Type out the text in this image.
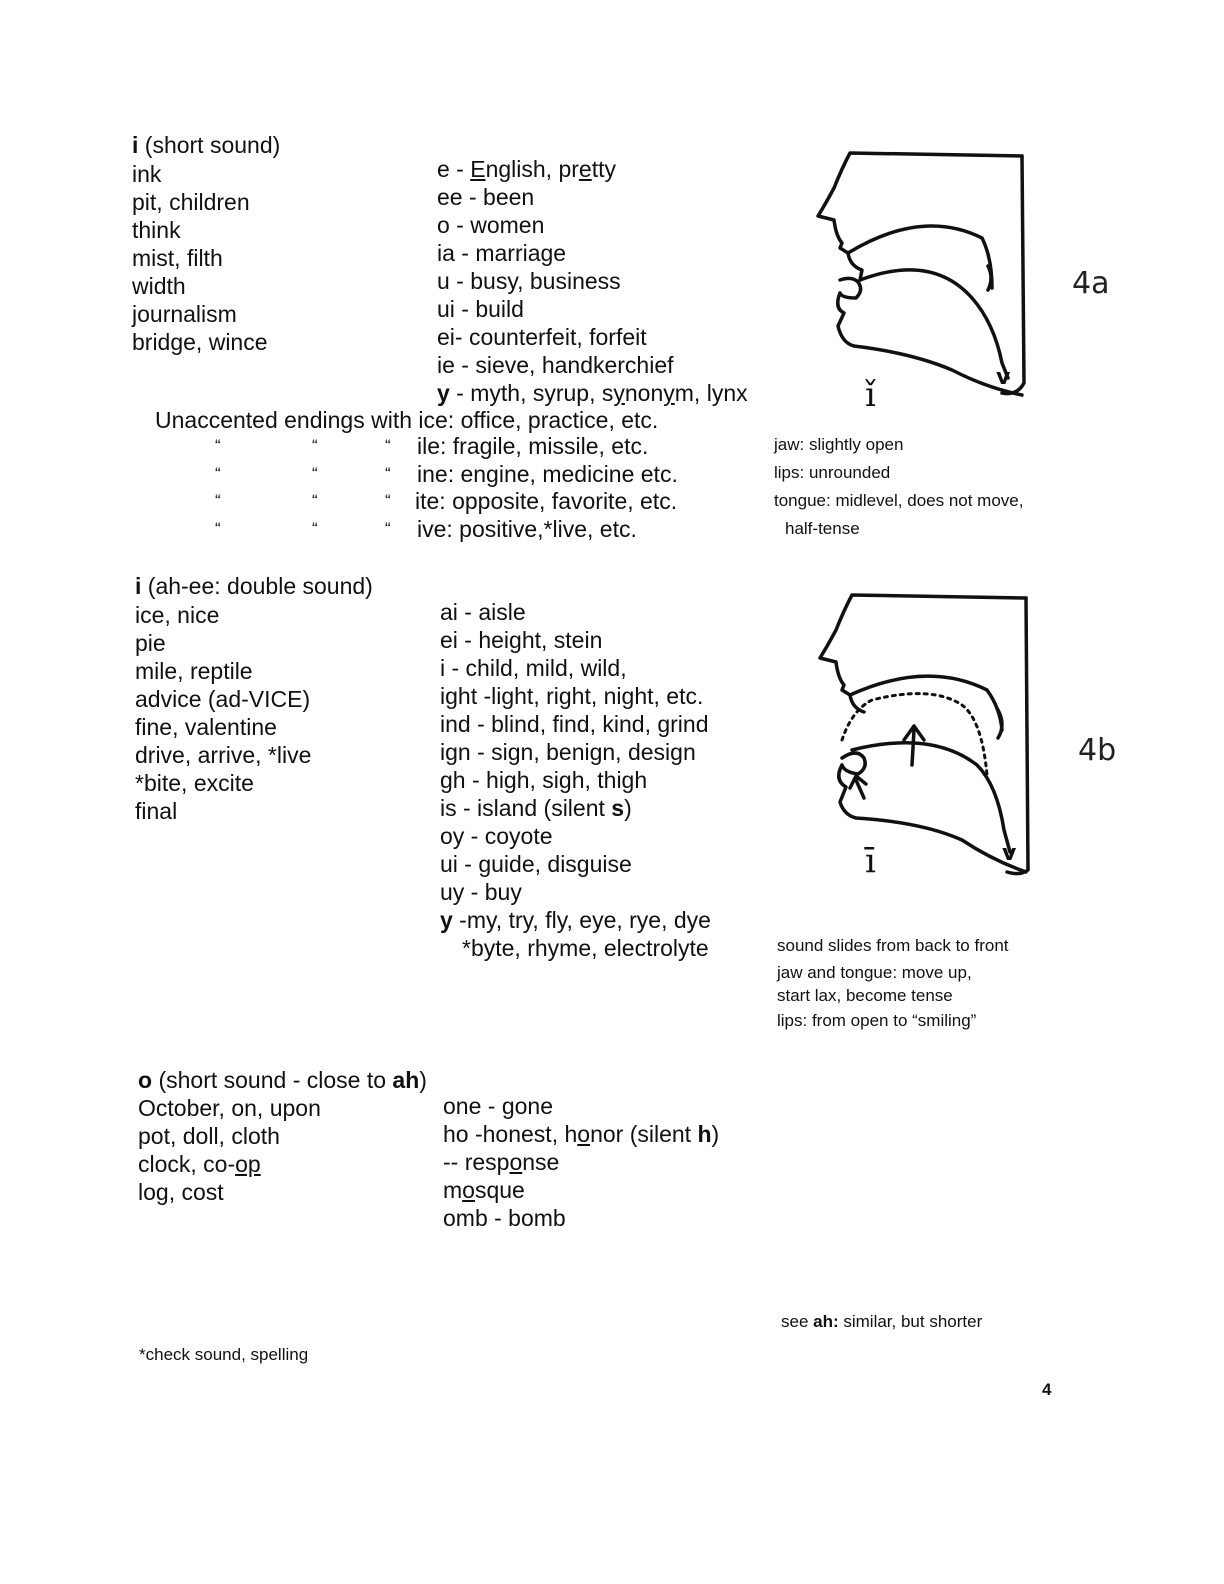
i (short sound)
ink
pit, children
think
mist, filth
width
journalism
bridge, wince
e - English, pretty
ee - been
o - women
ia - marriage
u - busy, business
ui - build
ei- counterfeit, forfeit
ie - sieve, handkerchief
y - myth, syrup, synonym, lynx
Unaccented endings with ice: office, practice, etc.
“	“	“ ile: fragile, missile, etc.
“	“	“ ine: engine, medicine etc.
“	“	“ ite: opposite, favorite, etc.
“	“	“ ive: positive,*live, etc.
v
ǐ
4a
jaw: slightly open
lips: unrounded
tongue: midlevel, does not move,
half-tense
i (ah-ee: double sound)
ice, nice
pie
mile, reptile
advice (ad-VICE)
fine, valentine
drive, arrive, *live
*bite, excite
final
ai - aisle
ei - height, stein
i - child, mild, wild,
ight -light, right, night, etc.
ind - blind, find, kind, grind
ign - sign, benign, design
gh - high, sigh, thigh
is - island (silent s)
oy - coyote
ui - guide, disguise
uy - buy
y -my, try, fly, eye, rye, dye
*byte, rhyme, electrolyte
v
ī
4b
sound slides from back to front
jaw and tongue: move up,
start lax, become tense
lips: from open to “smiling”
o (short sound - close to ah)
October, on, upon
pot, doll, cloth
clock, co-op
log, cost
one - gone
ho -honest, honor (silent h)
-- response
mosque
omb - bomb
see ah: similar, but shorter
*check sound, spelling
4
